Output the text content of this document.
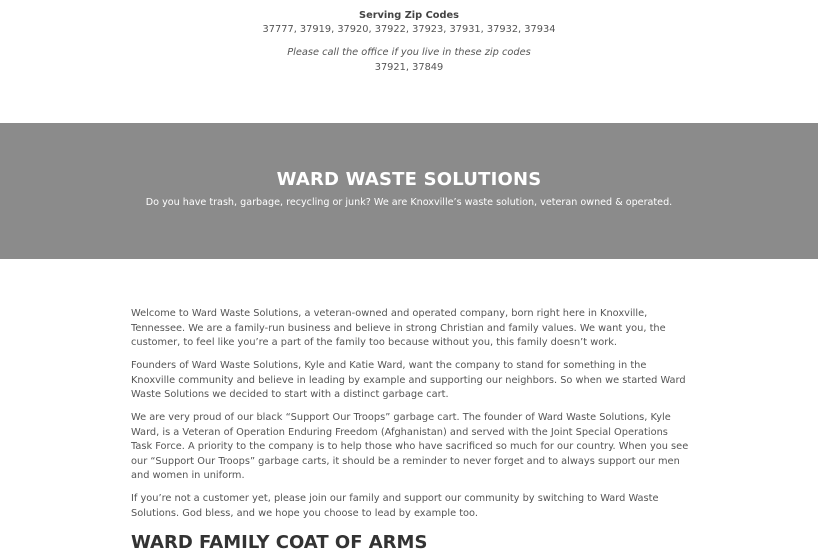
Serving Zip Codes
37777, 37919, 37920, 37922, 37923, 37931, 37932, 37934
Please call the office if you live in these zip codes
37921, 37849
WARD WASTE SOLUTIONS
Do you have trash, garbage, recycling or junk? We are Knoxville’s waste solution, veteran owned & operated.

Welcome to Ward Waste Solutions, a veteran-owned and operated company, born right here in Knoxville, Tennessee. We are a family-run business and believe in strong Christian and family values. We want you, the customer, to feel like you’re a part of the family too because without you, this family doesn’t work.

Founders of Ward Waste Solutions, Kyle and Katie Ward, want the company to stand for something in the Knoxville community and believe in leading by example and supporting our neighbors. So when we started Ward Waste Solutions we decided to start with a distinct garbage cart.

We are very proud of our black “Support Our Troops” garbage cart. The founder of Ward Waste Solutions, Kyle Ward, is a Veteran of Operation Enduring Freedom (Afghanistan) and served with the Joint Special Operations Task Force. A priority to the company is to help those who have sacrificed so much for our country. When you see our “Support Our Troops” garbage carts, it should be a reminder to never forget and to always support our men and women in uniform.

If you’re not a customer yet, please join our family and support our community by switching to Ward Waste Solutions. God bless, and we hope you choose to lead by example too.

WARD FAMILY COAT OF ARMS
